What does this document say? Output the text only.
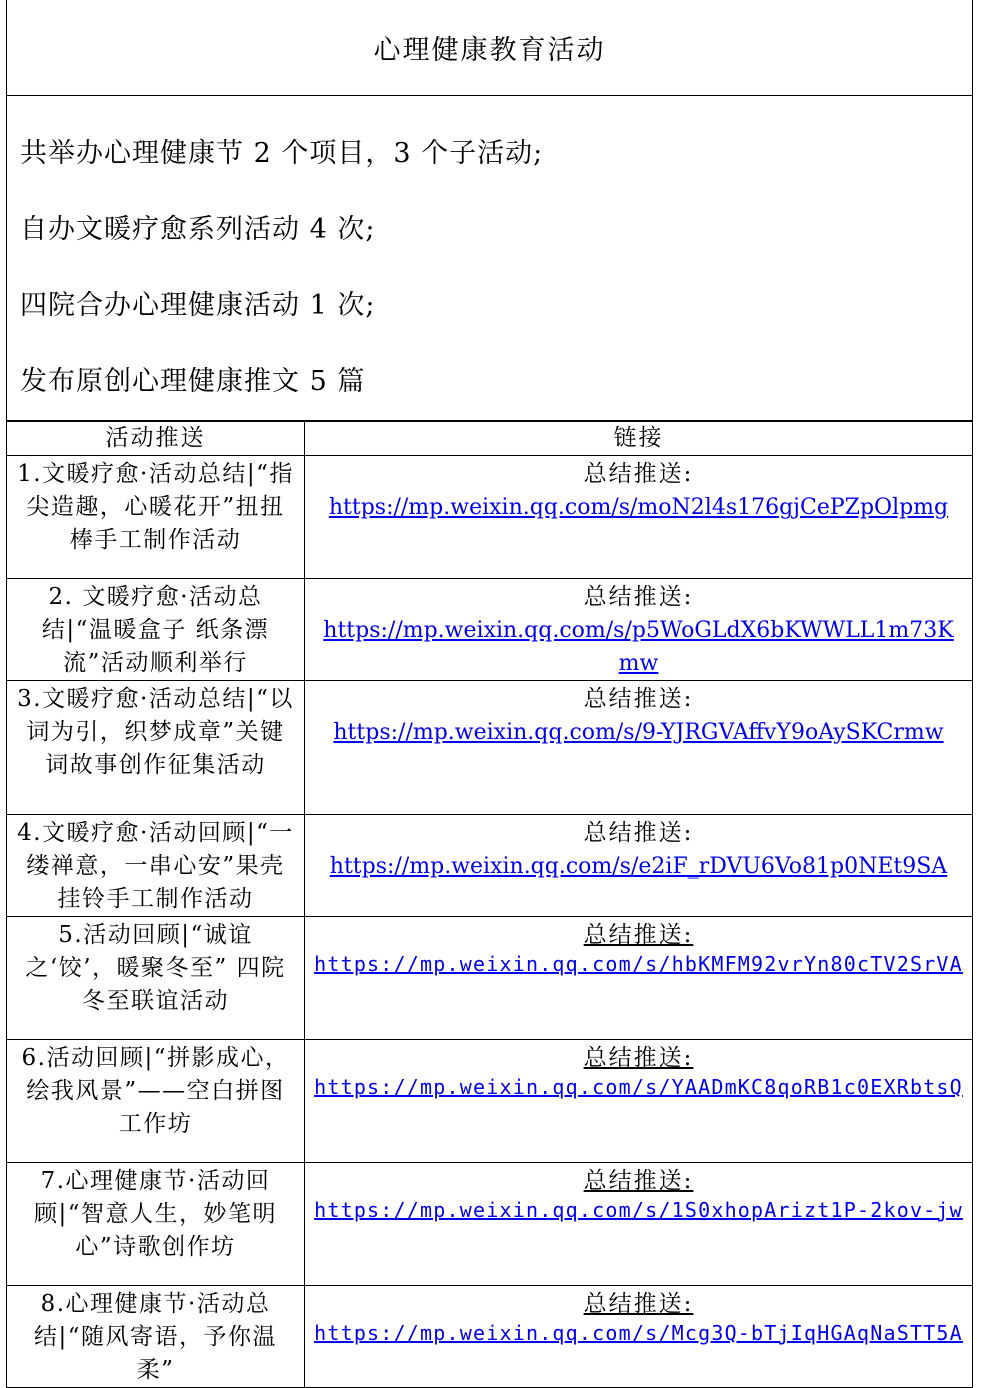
心理健康教育活动
共举办心理健康节 2 个项目，3 个子活动;
自办文暖疗愈系列活动 4 次;
四院合办心理健康活动 1 次;
发布原创心理健康推文 5 篇
活动推送	链接

1.文暖疗愈·活动总结|“指尖造趣，心暖花开”扭扭棒手工制作活动	总结推送:
https://mp.weixin.qq.com/s/moN2l4s176gjCePZpOlpmg

2. 文暖疗愈·活动总结|“温暖盒子 纸条漂流”活动顺利举行	总结推送:
https://mp.weixin.qq.com/s/p5WoGLdX6bKWWLL1m73Kmw

3.文暖疗愈·活动总结|“以词为引，织梦成章”关键词故事创作征集活动	总结推送:
https://mp.weixin.qq.com/s/9-YJRGVAffvY9oAySKCrmw

4.文暖疗愈·活动回顾|“一缕禅意，一串心安”果壳挂铃手工制作活动	总结推送:
https://mp.weixin.qq.com/s/e2iF_rDVU6Vo81p0NEt9SA

5.活动回顾|“诚谊之‘饺’，暖聚冬至” 四院冬至联谊活动	总结推送:
https://mp.weixin.qq.com/s/hbKMFM92vrYn80cTV2SrVA

6.活动回顾|“拼影成心，绘我风景”——空白拼图工作坊	总结推送:
https://mp.weixin.qq.com/s/YAADmKC8qoRB1c0EXRbtsQ

7.心理健康节·活动回顾|“智意人生，妙笔明心”诗歌创作坊	总结推送:
https://mp.weixin.qq.com/s/1S0xhopArizt1P-2kov-jw

8.心理健康节·活动总结|“随风寄语，予你温柔”	总结推送:
https://mp.weixin.qq.com/s/Mcg3Q-bTjIqHGAqNaSTT5A
